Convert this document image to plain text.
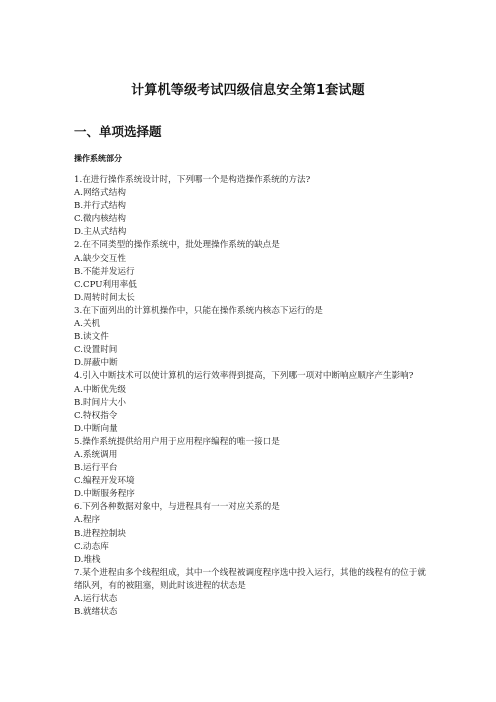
计算机等级考试四级信息安全第1套试题
一、单项选择题
操作系统部分
1.在进行操作系统设计时，下列哪一个是构造操作系统的方法?
A.网络式结构
B.并行式结构
C.微内核结构
D.主从式结构
2.在不同类型的操作系统中，批处理操作系统的缺点是
A.缺少交互性
B.不能并发运行
C.CPU利用率低
D.周转时间太长
3.在下面列出的计算机操作中，只能在操作系统内核态下运行的是
A.关机
B.读文件
C.设置时间
D.屏蔽中断
4.引入中断技术可以使计算机的运行效率得到提高，下列哪一项对中断响应顺序产生影响?
A.中断优先级
B.时间片大小
C.特权指令
D.中断向量
5.操作系统提供给用户用于应用程序编程的唯一接口是
A.系统调用
B.运行平台
C.编程开发环境
D.中断服务程序
6.下列各种数据对象中，与进程具有一一对应关系的是
A.程序
B.进程控制块
C.动态库
D.堆栈
7.某个进程由多个线程组成，其中一个线程被调度程序选中投入运行，其他的线程有的位于就绪队列，有的被阻塞，则此时该进程的状态是
A.运行状态
B.就绪状态
